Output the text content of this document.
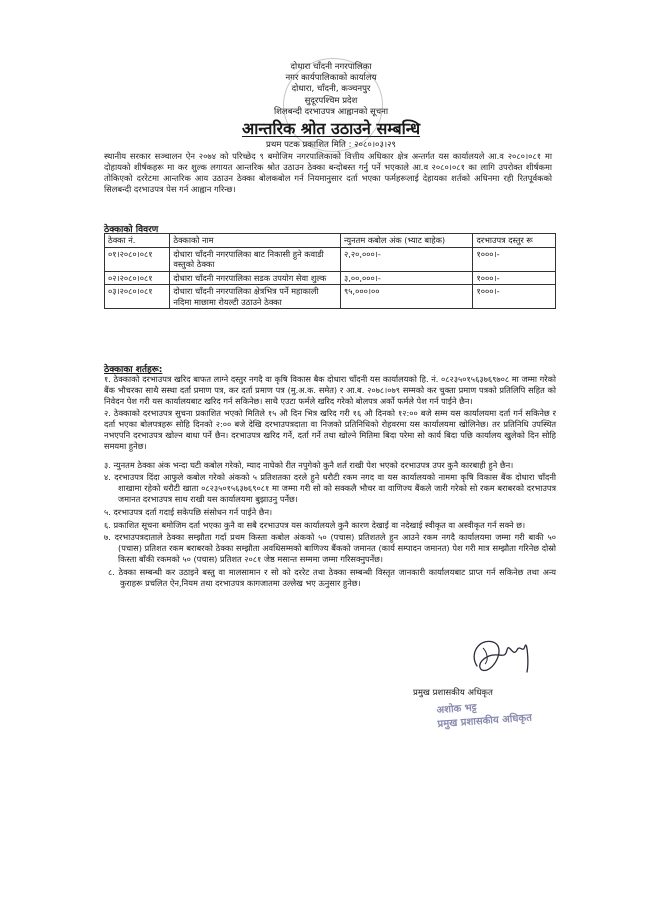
दोधारा चाँदनी नगरपालिका
नगर कार्यपालिकाको कार्यालय
दोधारा, चाँदनी, कञ्चनपुर
सुदूरपश्चिम प्रदेश
शिलबन्दी दरभाउपत्र आह्वानको सूचना
आन्तरिक श्रोत उठाउने सम्बन्धि
प्रथम पटक प्रकाशित मिति : २०८०।०३।२९

स्थानीय सरकार सञ्चालन ऐन २०७४ को परिच्छेद ९ बमोजिम नगरपालिकाको वित्तीय अधिकार क्षेत्र अन्तर्गत यस कार्यालयले आ.व २०८०।०८१ मा दोहायको शीर्षकहरू मा कर शुल्क लगायत आन्तरिक श्रोत उठाउन ठेक्का बन्दोबस्त गर्नु पर्ने भएकाले आ.व २०८०।०८१ का लागि उपरोक्त शीर्षकमा तोकिएको दररेटमा आन्तरिक आय उठाउन ठेक्का बोलकबोल गर्न नियमानुसार दर्ता भएका फर्महरूलाई देहायका शर्तको अधिनमा रही रितपूर्वकको सिलबन्दी दरभाउपत्र पेस गर्न आह्वान गरिन्छ।

ठेक्काको विवरण
ठेक्का नं.	ठेक्काको नाम	न्युनतम कबोल अंक (भ्याट बाहेक)	दरभाउपत्र दस्तुर रू
०१।२०८०।०८१	दोधारा चाँदनी नगरपालिका बाट निकासी हुने कवाडी वस्तुको ठेक्का	२,२०,०००।-	१०००।-
०२।२०८०।०८१	दोधारा चाँदनी नगरपालिका सडक उपयोग सेवा शुल्क	३,००,०००।-	१०००।-
०३।२०८०।०८१	दोधारा चाँदनी नगरपालिका क्षेत्रभित्र पर्ने महाकाली नदिमा माछामा रोयल्टी उठाउने ठेक्का	९५,०००।००	१०००।-
ठेक्काका शर्तहरू:

१. ठेक्काको दरभाउपत्र खरिद बाफत लाग्ने दस्तुर नगदै वा कृषि विकास बैक दोधारा चाँदनी यस कार्यालयको हि. नं. ०८२३५०१५६३७६९७०८ मा जम्मा गरेको बैंक भौचरका साथै सस्था दर्ता प्रमाण पत्र, कर दर्ता प्रमाण पत्र (मु.अ.क. समेत) र आ.ब. २०७८।०७९ सम्मको कर चुक्ता प्रमाण पत्रको प्रतिलिपि सहित को निवेदन पेश गरी यस कार्यालयबाट खरिद गर्न सकिनेछ। साथै एउटा फर्मले खरिद गरेको बोलपत्र अर्को फर्मले पेश गर्न पाईने छैन।

२. ठेक्काको दरभाउपत्र सुचना प्रकाशित भएको मितिले १५ औ दिन भित्र खरिद गरी १६ औ दिनको १२:०० बजे सम्म यस कार्यालयमा दर्ता गर्न सकिनेछ र दर्ता भएका बोलपत्रहरू सोहि दिनको २:०० बजे देखि दरभाउपत्रदाता वा निजको प्रतिनिधिको रोहवरमा यस कार्यालयमा खोलिनेछ। तर प्रतिनिधि उपस्थित नभएपनि दरभाउपत्र खोल्न बाधा पर्ने छैन। दरभाउपत्र खरिद गर्ने, दर्ता गर्ने तथा खोल्ने मितिमा बिदा परेमा सो कार्य बिदा पछि कार्यालय खुलेको दिन सोहि समयमा हुनेछ।

३. न्युनतम ठेक्का अंक भन्दा घटी कबोल गरेको, म्याद नाघेको रीत नपुगेको कुनै शर्त राखी पेश भएको दरभाउपत्र उपर कुनै कारबाही हुने छैन।

४. दरभाउपत्र दिंदा आफुले कबोल गरेको अंकको ५ प्रतिशतका दरले हुने धरौटी रकम नगद वा यस कार्यालयको नाममा कृषि विकास बैंक दोधारा चाँदनी शाखामा रहेको धरौटी खाता ०८२३५०१५६३७६९०८१ मा जम्मा गरी सो को सक्कलै भौचर वा वाणिज्य बैंकले जारी गरेको सो रकम बराबरको दरभाउपत्र जमानत दरभाउपत्र साथ राखी यस कार्यालयमा बुझाउनु पर्नेछ।

५. दरभाउपत्र दर्ता गदाई सकेपछि संसोधन गर्न पाईने छैन।

६. प्रकाशित सूचना बमोजिम दर्ता भएका कुनै वा सबै दरभाउपत्र यस कार्यालयले कुनै कारण देखाई वा नदेखाई स्वीकृत वा अस्वीकृत गर्न सक्ने छ।

७. दरभाउपत्रदाताले ठेक्का सम्झौता गर्दा प्रथम किस्ता कबोल अंकको ५० (पचास) प्रतिशतले हुन आउने रकम नगदै कार्यालयमा जम्मा गरी बाकी ५० (पचास) प्रतिशत रकम बराबरको ठेक्का सम्झौता अवधिसम्मको बाणिज्य बैंकको जमानत (कार्य सम्पादन जमानत) पेश गरी मात्र सम्झौता गरिनेछ दोस्रो किस्ता बाँकी रकमको ५० (पचास) प्रतिशत २०८१ जेष्ठ मसान्त सम्ममा जम्मा गरिसक्नुपर्नेछ।

८. ठेक्का सम्बन्धी कर उठाइने बस्तु वा मालसामान र सो को दररेट तथा ठेक्का सम्बन्धी विस्तृत जानकारी कार्यालयबाट प्राप्त गर्न सकिनेछ तथा अन्य कुराहरू प्रचलित ऐन,नियम तथा दरभाउपत्र कागजातमा उल्लेख भए ऊनुसार हुनेछ।

प्रमुख प्रशासकीय अधिकृत
अशोक भट्ट
प्रमुख प्रशासकीय अधिकृत
